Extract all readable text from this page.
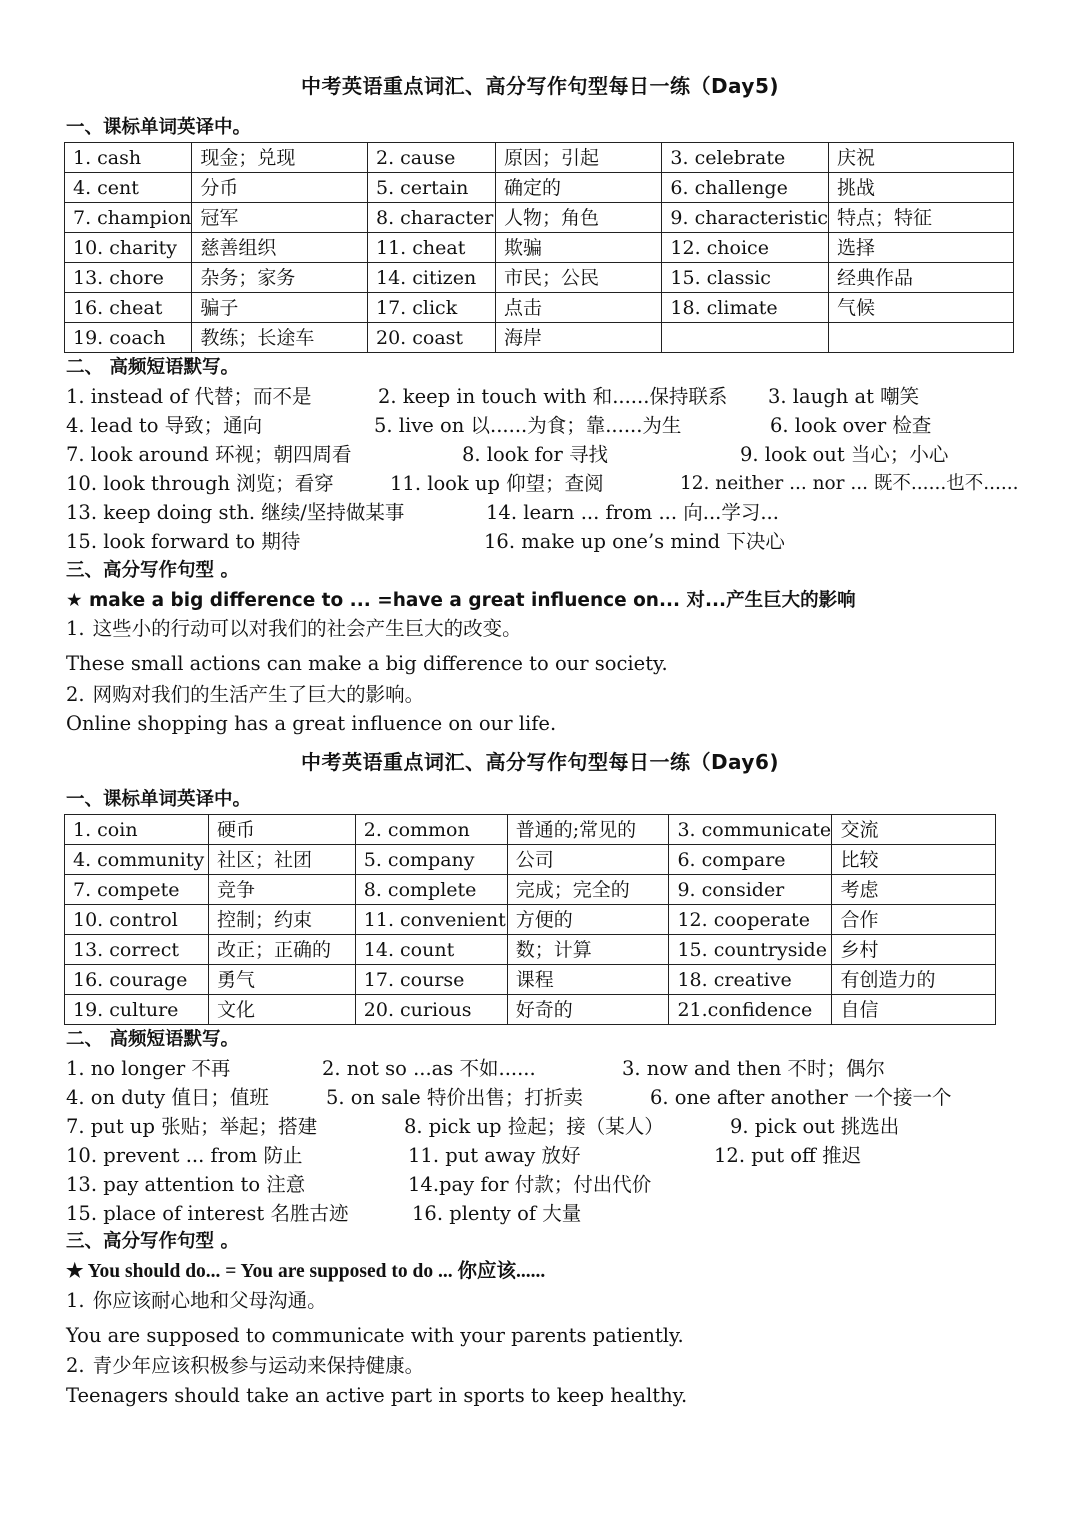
中考英语重点词汇、高分写作句型每日一练（Day5)
一、课标单词英译中。
1. cash	现金；兑现	2. cause	原因；引起	3. celebrate	庆祝
4. cent	分币	5. certain	确定的	6. challenge	挑战
7. champion	冠军	8. character	人物；角色	9. characteristic	特点；特征
10. charity	慈善组织	11. cheat	欺骗	12. choice	选择
13. chore	杂务；家务	14. citizen	市民；公民	15. classic	经典作品
16. cheat	骗子	17. click	点击	18. climate	气候
19. coach	教练；长途车	20. coast	海岸		
二、 高频短语默写。
1. instead of 代替；而不是	2. keep in touch with 和......保持联系 3. laugh at 嘲笑
4. lead to 导致；通向	5. live on 以......为食；靠......为生	6. look over 检查
7. look around 环视；朝四周看	8. look for 寻找	9. look out 当心；小心
10. look through 浏览；看穿	11. look up 仰望；查阅	12. neither ... nor ... 既不......也不......
13. keep doing sth. 继续/坚持做某事	14. learn ... from ... 向...学习...
15. look forward to 期待	16. make up one’s mind 下决心
三、高分写作句型 。
★ make a big difference to ... =have a great influence on... 对...产生巨大的影响
1. 这些小的行动可以对我们的社会产生巨大的改变。
These small actions can make a big difference to our society.
2. 网购对我们的生活产生了巨大的影响。
Online shopping has a great influence on our life.
中考英语重点词汇、高分写作句型每日一练（Day6)
一、课标单词英译中。
1. coin	硬币	2. common	普通的;常见的	3. communicate	交流
4. community	社区；社团	5. company	公司	6. compare	比较
7. compete	竞争	8. complete	完成；完全的	9. consider	考虑
10. control	控制；约束	11. convenient	方便的	12. cooperate	合作
13. correct	改正；正确的	14. count	数；计算	15. countryside	乡村
16. courage	勇气	17. course	课程	18. creative	有创造力的
19. culture	文化	20. curious	好奇的	21.confidence	自信
二、 高频短语默写。
1. no longer 不再	2. not so ...as 不如......	3. now and then 不时；偶尔
4. on duty 值日；值班	5. on sale 特价出售；打折卖	6. one after another 一个接一个
7. put up 张贴；举起；搭建	8. pick up 捡起；接（某人）	9. pick out 挑选出
10. prevent ... from 防止	11. put away 放好	12. put off 推迟
13. pay attention to 注意	14.pay for 付款；付出代价
15. place of interest 名胜古迹	16. plenty of 大量
三、高分写作句型 。
★ You should do... = You are supposed to do ... 你应该......
1. 你应该耐心地和父母沟通。
You are supposed to communicate with your parents patiently.
2. 青少年应该积极参与运动来保持健康。
Teenagers should take an active part in sports to keep healthy.
